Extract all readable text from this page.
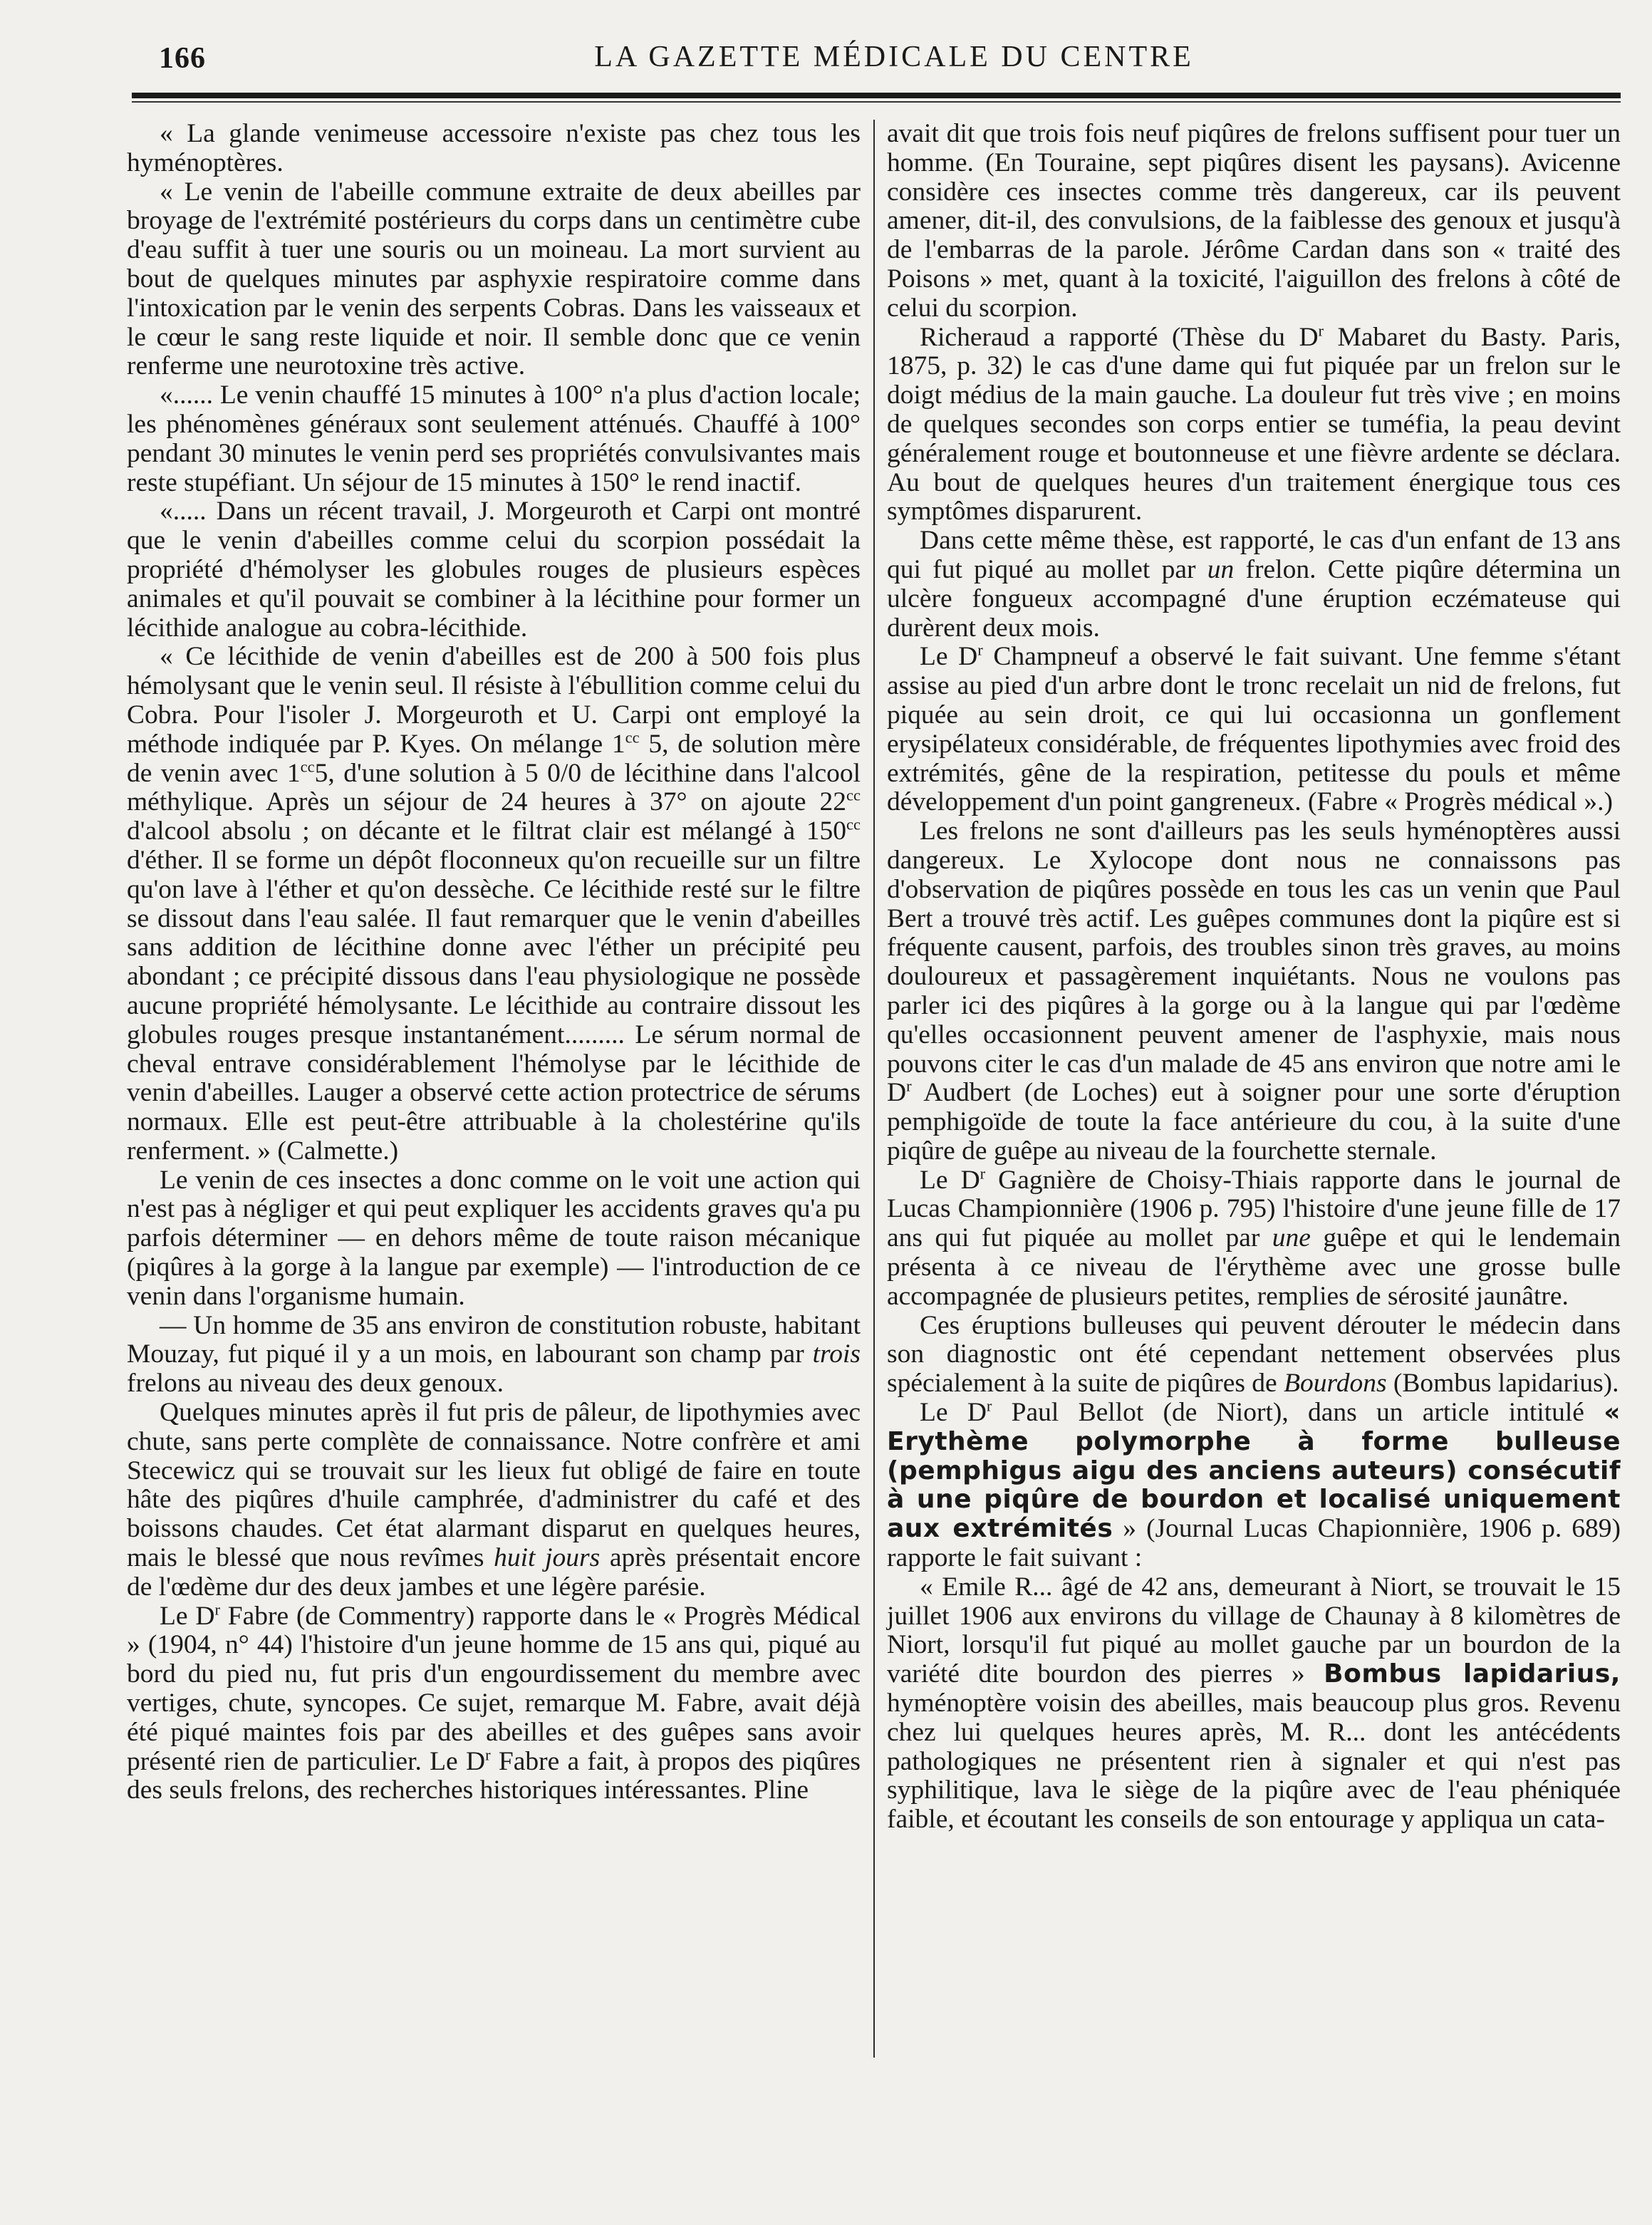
166	LA GAZETTE MÉDICALE DU CENTRE

« La glande venimeuse accessoire n'existe pas chez tous les hyménoptères.

« Le venin de l'abeille commune extraite de deux abeilles par broyage de l'extrémité postérieurs du corps dans un centimètre cube d'eau suffit à tuer une souris ou un moineau. La mort survient au bout de quelques minutes par asphyxie respiratoire comme dans l'intoxication par le venin des serpents Cobras. Dans les vaisseaux et le cœur le sang reste liquide et noir. Il semble donc que ce venin renferme une neurotoxine très active.

«...... Le venin chauffé 15 minutes à 100° n'a plus d'action locale; les phénomènes généraux sont seulement atténués. Chauffé à 100° pendant 30 minutes le venin perd ses propriétés convulsivantes mais reste stupéfiant. Un séjour de 15 minutes à 150° le rend inactif.

«..... Dans un récent travail, J. Morgeuroth et Carpi ont montré que le venin d'abeilles comme celui du scorpion possédait la propriété d'hémolyser les globules rouges de plusieurs espèces animales et qu'il pouvait se combiner à la lécithine pour former un lécithide analogue au cobra-lécithide.

« Ce lécithide de venin d'abeilles est de 200 à 500 fois plus hémolysant que le venin seul. Il résiste à l'ébullition comme celui du Cobra. Pour l'isoler J. Morgeuroth et U. Carpi ont employé la méthode indiquée par P. Kyes. On mélange $1^{cc}$ 5, de solution mère de venin avec $1^{cc}5$, d'une solution à 5 0/0 de lécithine dans l'alcool méthylique. Après un séjour de 24 heures à 37° on ajoute $22^{cc}$ d'alcool absolu ; on décante et le filtrat clair est mélangé à $150^{cc}$ d'éther. Il se forme un dépôt floconneux qu'on recueille sur un filtre qu'on lave à l'éther et qu'on dessèche. Ce lécithide resté sur le filtre se dissout dans l'eau salée. Il faut remarquer que le venin d'abeilles sans addition de lécithine donne avec l'éther un précipité peu abondant ; ce précipité dissous dans l'eau physiologique ne possède aucune propriété hémolysante. Le lécithide au contraire dissout les globules rouges presque instantanément......... Le sérum normal de cheval entrave considérablement l'hémolyse par le lécithide de venin d'abeilles. Lauger a observé cette action protectrice de sérums normaux. Elle est peut-être attribuable à la cholestérine qu'ils renferment. » (Calmette.)

Le venin de ces insectes a donc comme on le voit une action qui n'est pas à négliger et qui peut expliquer les accidents graves qu'a pu parfois déterminer — en dehors même de toute raison mécanique (piqûres à la gorge à la langue par exemple) — l'introduction de ce venin dans l'organisme humain.

— Un homme de 35 ans environ de constitution robuste, habitant Mouzay, fut piqué il y a un mois, en labourant son champ par trois frelons au niveau des deux genoux.

Quelques minutes après il fut pris de pâleur, de lipothymies avec chute, sans perte complète de connaissance. Notre confrère et ami Stecewicz qui se trouvait sur les lieux fut obligé de faire en toute hâte des piqûres d'huile camphrée, d'administrer du café et des boissons chaudes. Cet état alarmant disparut en quelques heures, mais le blessé que nous revîmes huit jours après présentait encore de l'œdème dur des deux jambes et une légère parésie.

Le $D^r$ Fabre (de Commentry) rapporte dans le « Progrès Médical » (1904, n° 44) l'histoire d'un jeune homme de 15 ans qui, piqué au bord du pied nu, fut pris d'un engourdissement du membre avec vertiges, chute, syncopes. Ce sujet, remarque M. Fabre, avait déjà été piqué maintes fois par des abeilles et des guêpes sans avoir présenté rien de particulier. Le $D^r$ Fabre a fait, à propos des piqûres des seuls frelons, des recherches historiques intéressantes. Pline

avait dit que trois fois neuf piqûres de frelons suffisent pour tuer un homme. (En Touraine, sept piqûres disent les paysans). Avicenne considère ces insectes comme très dangereux, car ils peuvent amener, dit-il, des convulsions, de la faiblesse des genoux et jusqu'à de l'embarras de la parole. Jérôme Cardan dans son « traité des Poisons » met, quant à la toxicité, l'aiguillon des frelons à côté de celui du scorpion.

Richeraud a rapporté (Thèse du $D^r$ Mabaret du Basty. Paris, 1875, p. 32) le cas d'une dame qui fut piquée par un frelon sur le doigt médius de la main gauche. La douleur fut très vive ; en moins de quelques secondes son corps entier se tuméfia, la peau devint généralement rouge et boutonneuse et une fièvre ardente se déclara. Au bout de quelques heures d'un traitement énergique tous ces symptômes disparurent.

Dans cette même thèse, est rapporté, le cas d'un enfant de 13 ans qui fut piqué au mollet par un frelon. Cette piqûre détermina un ulcère fongueux accompagné d'une éruption eczémateuse qui durèrent deux mois.

Le $D^r$ Champneuf a observé le fait suivant. Une femme s'étant assise au pied d'un arbre dont le tronc recelait un nid de frelons, fut piquée au sein droit, ce qui lui occasionna un gonflement erysipélateux considérable, de fréquentes lipothymies avec froid des extrémités, gêne de la respiration, petitesse du pouls et même développement d'un point gangreneux. (Fabre « Progrès médical ».)

Les frelons ne sont d'ailleurs pas les seuls hyménoptères aussi dangereux. Le Xylocope dont nous ne connaissons pas d'observation de piqûres possède en tous les cas un venin que Paul Bert a trouvé très actif. Les guêpes communes dont la piqûre est si fréquente causent, parfois, des troubles sinon très graves, au moins douloureux et passagèrement inquiétants. Nous ne voulons pas parler ici des piqûres à la gorge ou à la langue qui par l'œdème qu'elles occasionnent peuvent amener de l'asphyxie, mais nous pouvons citer le cas d'un malade de 45 ans environ que notre ami le $D^r$ Audbert (de Loches) eut à soigner pour une sorte d'éruption pemphigoïde de toute la face antérieure du cou, à la suite d'une piqûre de guêpe au niveau de la fourchette sternale.

Le $D^r$ Gagnière de Choisy-Thiais rapporte dans le journal de Lucas Championnière (1906 p. 795) l'histoire d'une jeune fille de 17 ans qui fut piquée au mollet par une guêpe et qui le lendemain présenta à ce niveau de l'érythème avec une grosse bulle accompagnée de plusieurs petites, remplies de sérosité jaunâtre.

Ces éruptions bulleuses qui peuvent dérouter le médecin dans son diagnostic ont été cependant nettement observées plus spécialement à la suite de piqûres de Bourdons (Bombus lapidarius).

Le $D^r$ Paul Bellot (de Niort), dans un article intitulé « Erythème polymorphe à forme bulleuse (pemphigus aigu des anciens auteurs) consécutif à une piqûre de bourdon et localisé uniquement aux extrémités » (Journal Lucas Chapionnière, 1906 p. 689) rapporte le fait suivant :

« Emile R... âgé de 42 ans, demeurant à Niort, se trouvait le 15 juillet 1906 aux environs du village de Chaunay à 8 kilomètres de Niort, lorsqu'il fut piqué au mollet gauche par un bourdon de la variété dite bourdon des pierres » Bombus lapidarius, hyménoptère voisin des abeilles, mais beaucoup plus gros. Revenu chez lui quelques heures après, M. R... dont les antécédents pathologiques ne présentent rien à signaler et qui n'est pas syphilitique, lava le siège de la piqûre avec de l'eau phéniquée faible, et écoutant les conseils de son entourage y appliqua un cata-
